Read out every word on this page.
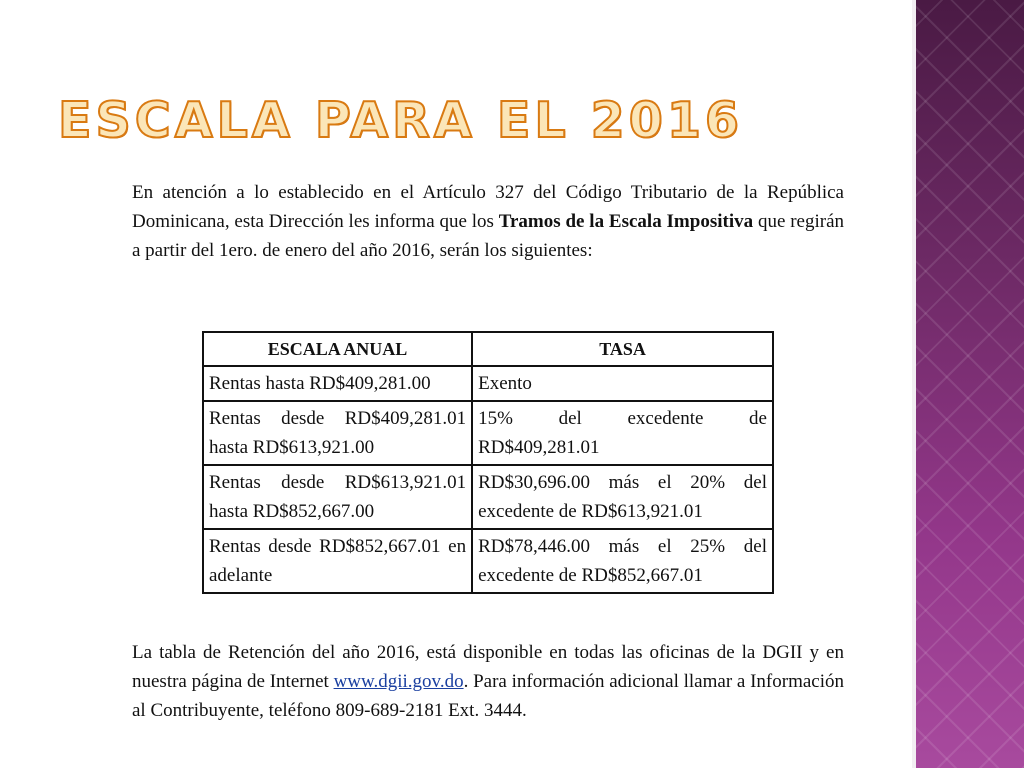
ESCALA PARA EL 2016

En atención a lo establecido en el Artículo 327 del Código Tributario de la República Dominicana, esta Dirección les informa que los Tramos de la Escala Impositiva que regirán a partir del 1ero. de enero del año 2016, serán los siguientes:

ESCALA ANUAL	TASA
Rentas hasta RD$409,281.00	Exento
Rentas desde RD$409,281.01 hasta RD$613,921.00	15% del excedente de RD$409,281.01
Rentas desde RD$613,921.01 hasta RD$852,667.00	RD$30,696.00 más el 20% del excedente de RD$613,921.01
Rentas desde RD$852,667.01 en adelante	RD$78,446.00 más el 25% del excedente de RD$852,667.01

La tabla de Retención del año 2016, está disponible en todas las oficinas de la DGII y en nuestra página de Internet www.dgii.gov.do. Para información adicional llamar a Información al Contribuyente, teléfono 809-689-2181 Ext. 3444.
